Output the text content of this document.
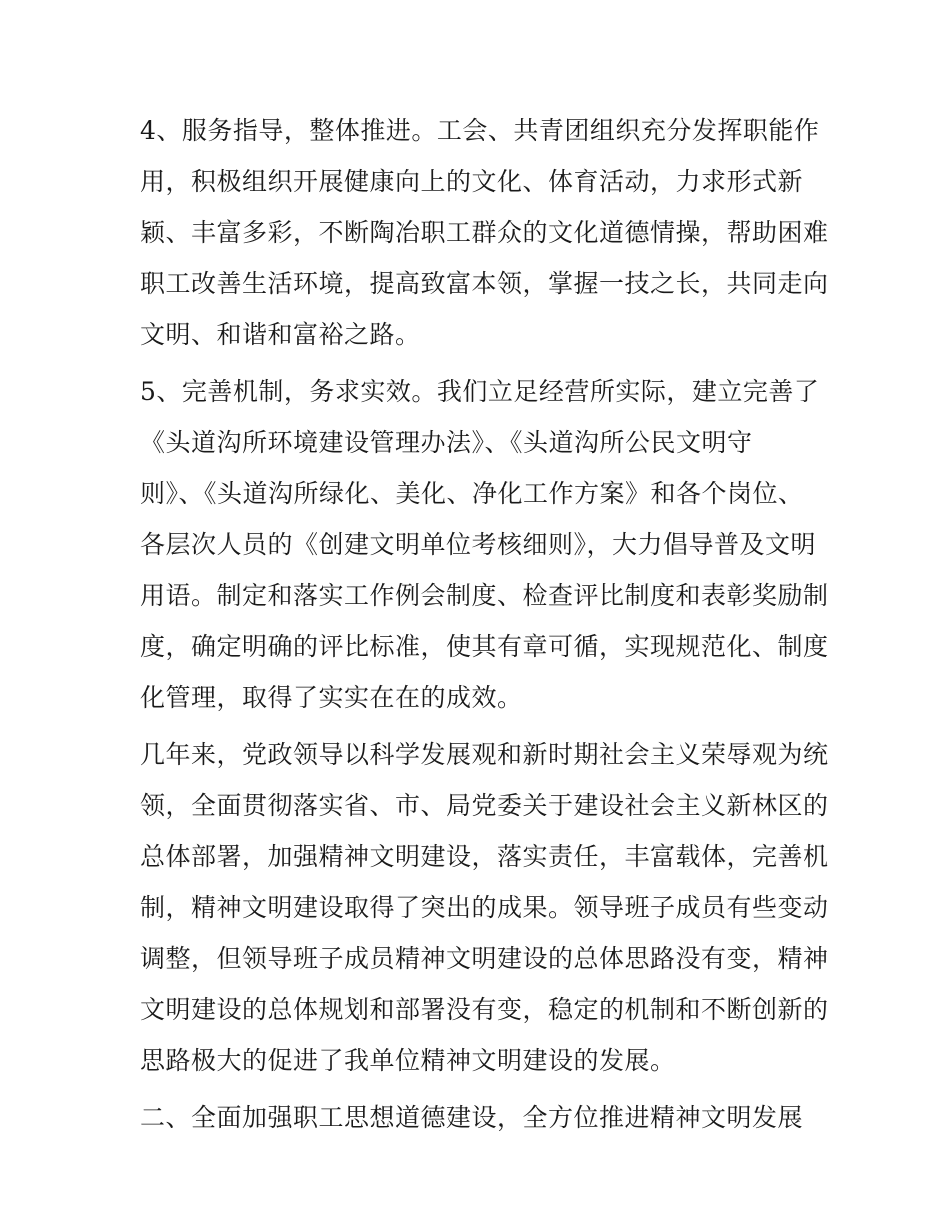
4、服务指导，整体推进。工会、共青团组织充分发挥职能作
用，积极组织开展健康向上的文化、体育活动，力求形式新
颖、丰富多彩，不断陶冶职工群众的文化道德情操，帮助困难
职工改善生活环境，提高致富本领，掌握一技之长，共同走向
文明、和谐和富裕之路。
5、完善机制，务求实效。我们立足经营所实际，建立完善了
《头道沟所环境建设管理办法》、《头道沟所公民文明守
则》、《头道沟所绿化、美化、净化工作方案》和各个岗位、
各层次人员的《创建文明单位考核细则》，大力倡导普及文明
用语。制定和落实工作例会制度、检查评比制度和表彰奖励制
度，确定明确的评比标准，使其有章可循，实现规范化、制度
化管理，取得了实实在在的成效。
几年来，党政领导以科学发展观和新时期社会主义荣辱观为统
领，全面贯彻落实省、市、局党委关于建设社会主义新林区的
总体部署，加强精神文明建设，落实责任，丰富载体，完善机
制，精神文明建设取得了突出的成果。领导班子成员有些变动
调整，但领导班子成员精神文明建设的总体思路没有变，精神
文明建设的总体规划和部署没有变，稳定的机制和不断创新的
思路极大的促进了我单位精神文明建设的发展。
二、全面加强职工思想道德建设，全方位推进精神文明发展
